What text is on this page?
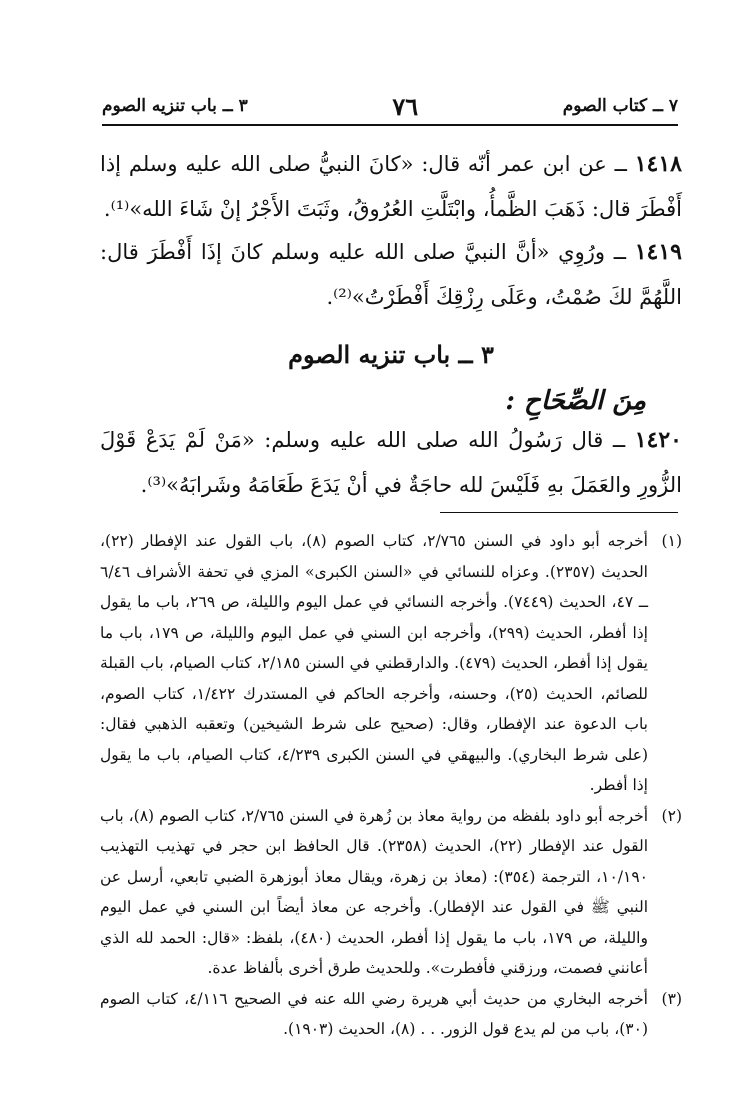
٧ ــ كتاب الصوم
٧٦
٣ ــ باب تنزيه الصوم
١٤١٨ ــ عن ابن عمر أنّه قال: «كانَ النبيُّ صلى الله عليه وسلم إذا أَفْطَرَ قال: ذَهَبَ الظَّمأُ، وابْتَلَّتِ العُرُوقُ، وثَبَتَ الأَجْرُ إنْ شَاءَ الله»⁽¹⁾.
١٤١٩ ــ ورُوِي «أنَّ النبيَّ صلى الله عليه وسلم كانَ إذَا أَفْطَرَ قال: اللَّهُمَّ لكَ صُمْتُ، وعَلَى رِزْقِكَ أَفْطَرْتُ»⁽²⁾.
٣ ــ باب تنزيه الصوم
مِنَ الصِّحَاحِ :
١٤٢٠ ــ قال رَسُولُ الله صلى الله عليه وسلم: «مَنْ لَمْ يَدَعْ قَوْلَ الزُّورِ والعَمَلَ بهِ فَلَيْسَ لله حاجَةٌ في أنْ يَدَعَ طَعَامَهُ وشَرابَهُ»⁽³⁾.
(١)
أخرجه أبو داود في السنن ٢/٧٦٥، كتاب الصوم (٨)، باب القول عند الإفطار (٢٢)، الحديث (٢٣٥٧). وعزاه للنسائي في «السنن الكبرى» المزي في تحفة الأشراف ٦/٤٦ ــ ٤٧، الحديث (٧٤٤٩). وأخرجه النسائي في عمل اليوم والليلة، ص ٢٦٩، باب ما يقول إذا أفطر، الحديث (٢٩٩)، وأخرجه ابن السني في عمل اليوم والليلة، ص ١٧٩، باب ما يقول إذا أفطر، الحديث (٤٧٩). والدارقطني في السنن ٢/١٨٥، كتاب الصيام، باب القبلة للصائم، الحديث (٢٥)، وحسنه، وأخرجه الحاكم في المستدرك ١/٤٢٢، كتاب الصوم، باب الدعوة عند الإفطار، وقال: (صحيح على شرط الشيخين) وتعقبه الذهبي فقال: (على شرط البخاري). والبيهقي في السنن الكبرى ٤/٢٣٩، كتاب الصيام، باب ما يقول إذا أفطر.
(٢)
أخرجه أبو داود بلفظه من رواية معاذ بن زُهرة في السنن ٢/٧٦٥، كتاب الصوم (٨)، باب القول عند الإفطار (٢٢)، الحديث (٢٣٥٨). قال الحافظ ابن حجر في تهذيب التهذيب ١٠/١٩٠، الترجمة (٣٥٤): (معاذ بن زهرة، ويقال معاذ أبوزهرة الضبي تابعي، أرسل عن النبي ﷺ في القول عند الإفطار). وأخرجه عن معاذ أيضاً ابن السني في عمل اليوم والليلة، ص ١٧٩، باب ما يقول إذا أفطر، الحديث (٤٨٠)، بلفظ: «قال: الحمد لله الذي أعانني فصمت، ورزقني فأفطرت». وللحديث طرق أخرى بألفاظ عدة.
(٣)
أخرجه البخاري من حديث أبي هريرة رضي الله عنه في الصحيح ٤/١١٦، كتاب الصوم (٣٠)، باب من لم يدع قول الزور. . . (٨)، الحديث (١٩٠٣).
